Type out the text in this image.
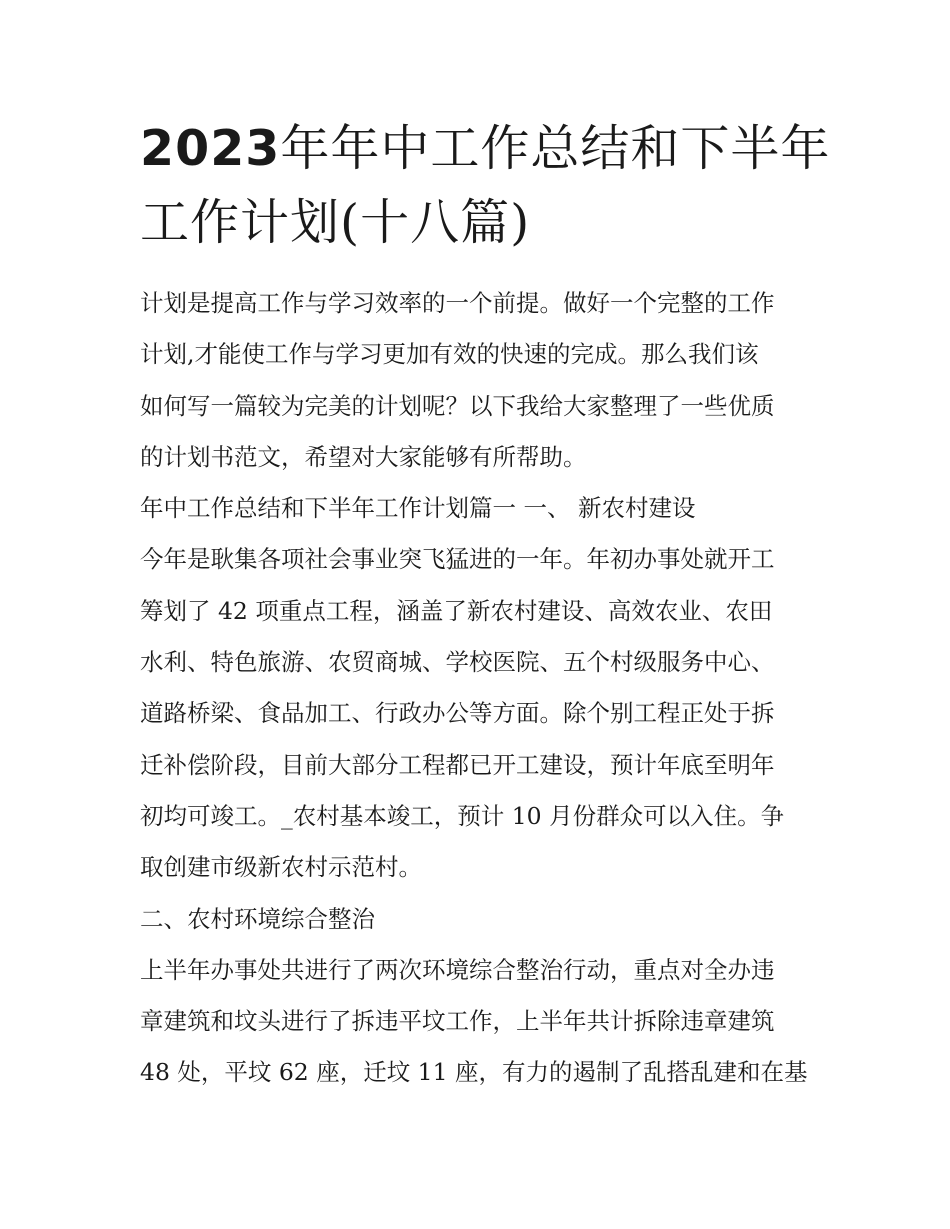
2023年年中工作总结和下半年
工作计划(十八篇)
计划是提高工作与学习效率的一个前提。做好一个完整的工作
计划,才能使工作与学习更加有效的快速的完成。那么我们该
如何写一篇较为完美的计划呢？以下我给大家整理了一些优质
的计划书范文，希望对大家能够有所帮助。
年中工作总结和下半年工作计划篇一 一、 新农村建设
今年是耿集各项社会事业突飞猛进的一年。年初办事处就开工
筹划了 42 项重点工程，涵盖了新农村建设、高效农业、农田
水利、特色旅游、农贸商城、学校医院、五个村级服务中心、
道路桥梁、食品加工、行政办公等方面。除个别工程正处于拆
迁补偿阶段，目前大部分工程都已开工建设，预计年底至明年
初均可竣工。_农村基本竣工，预计 10 月份群众可以入住。争
取创建市级新农村示范村。
二、农村环境综合整治
上半年办事处共进行了两次环境综合整治行动，重点对全办违
章建筑和坟头进行了拆违平坟工作，上半年共计拆除违章建筑
48 处，平坟 62 座，迁坟 11 座，有力的遏制了乱搭乱建和在基
